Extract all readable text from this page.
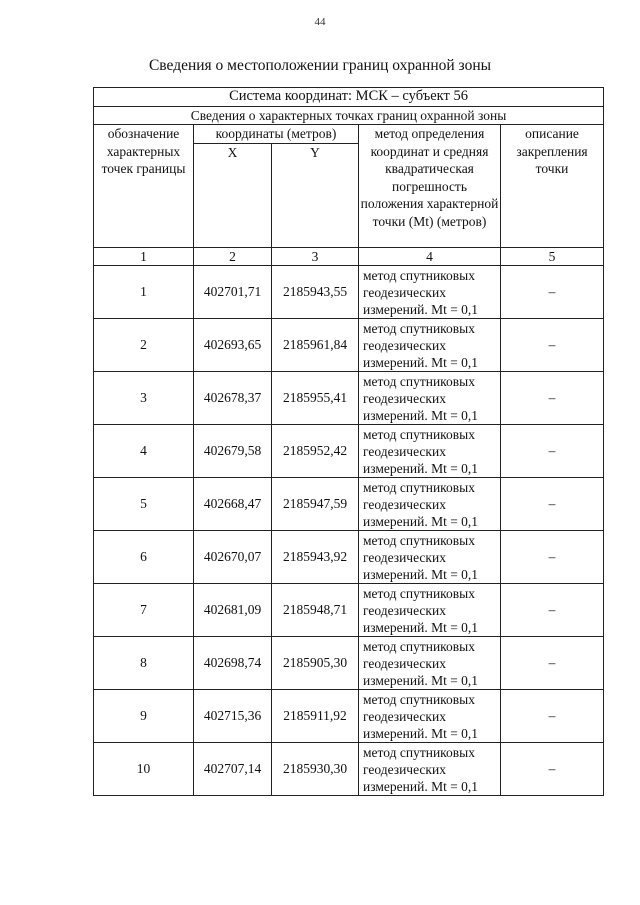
44
Сведения о местоположении границ охранной зоны
Система координат: МСК – субъект 56				
Сведения о характерных точках границ охранной зоны				
обозначение характерных точек границы	координаты (метров)		метод определения координат и средняя квадратическая погрешность положения характерной точки (Mt) (метров)	описание закрепления точки
	X	Y		
1	2	3	4	5
1	402701,71	2185943,55	метод спутниковых геодезических измерений. Mt = 0,1	–
2	402693,65	2185961,84	метод спутниковых геодезических измерений. Mt = 0,1	–
3	402678,37	2185955,41	метод спутниковых геодезических измерений. Mt = 0,1	–
4	402679,58	2185952,42	метод спутниковых геодезических измерений. Mt = 0,1	–
5	402668,47	2185947,59	метод спутниковых геодезических измерений. Mt = 0,1	–
6	402670,07	2185943,92	метод спутниковых геодезических измерений. Mt = 0,1	–
7	402681,09	2185948,71	метод спутниковых геодезических измерений. Mt = 0,1	–
8	402698,74	2185905,30	метод спутниковых геодезических измерений. Mt = 0,1	–
9	402715,36	2185911,92	метод спутниковых геодезических измерений. Mt = 0,1	–
10	402707,14	2185930,30	метод спутниковых геодезических измерений. Mt = 0,1	–
